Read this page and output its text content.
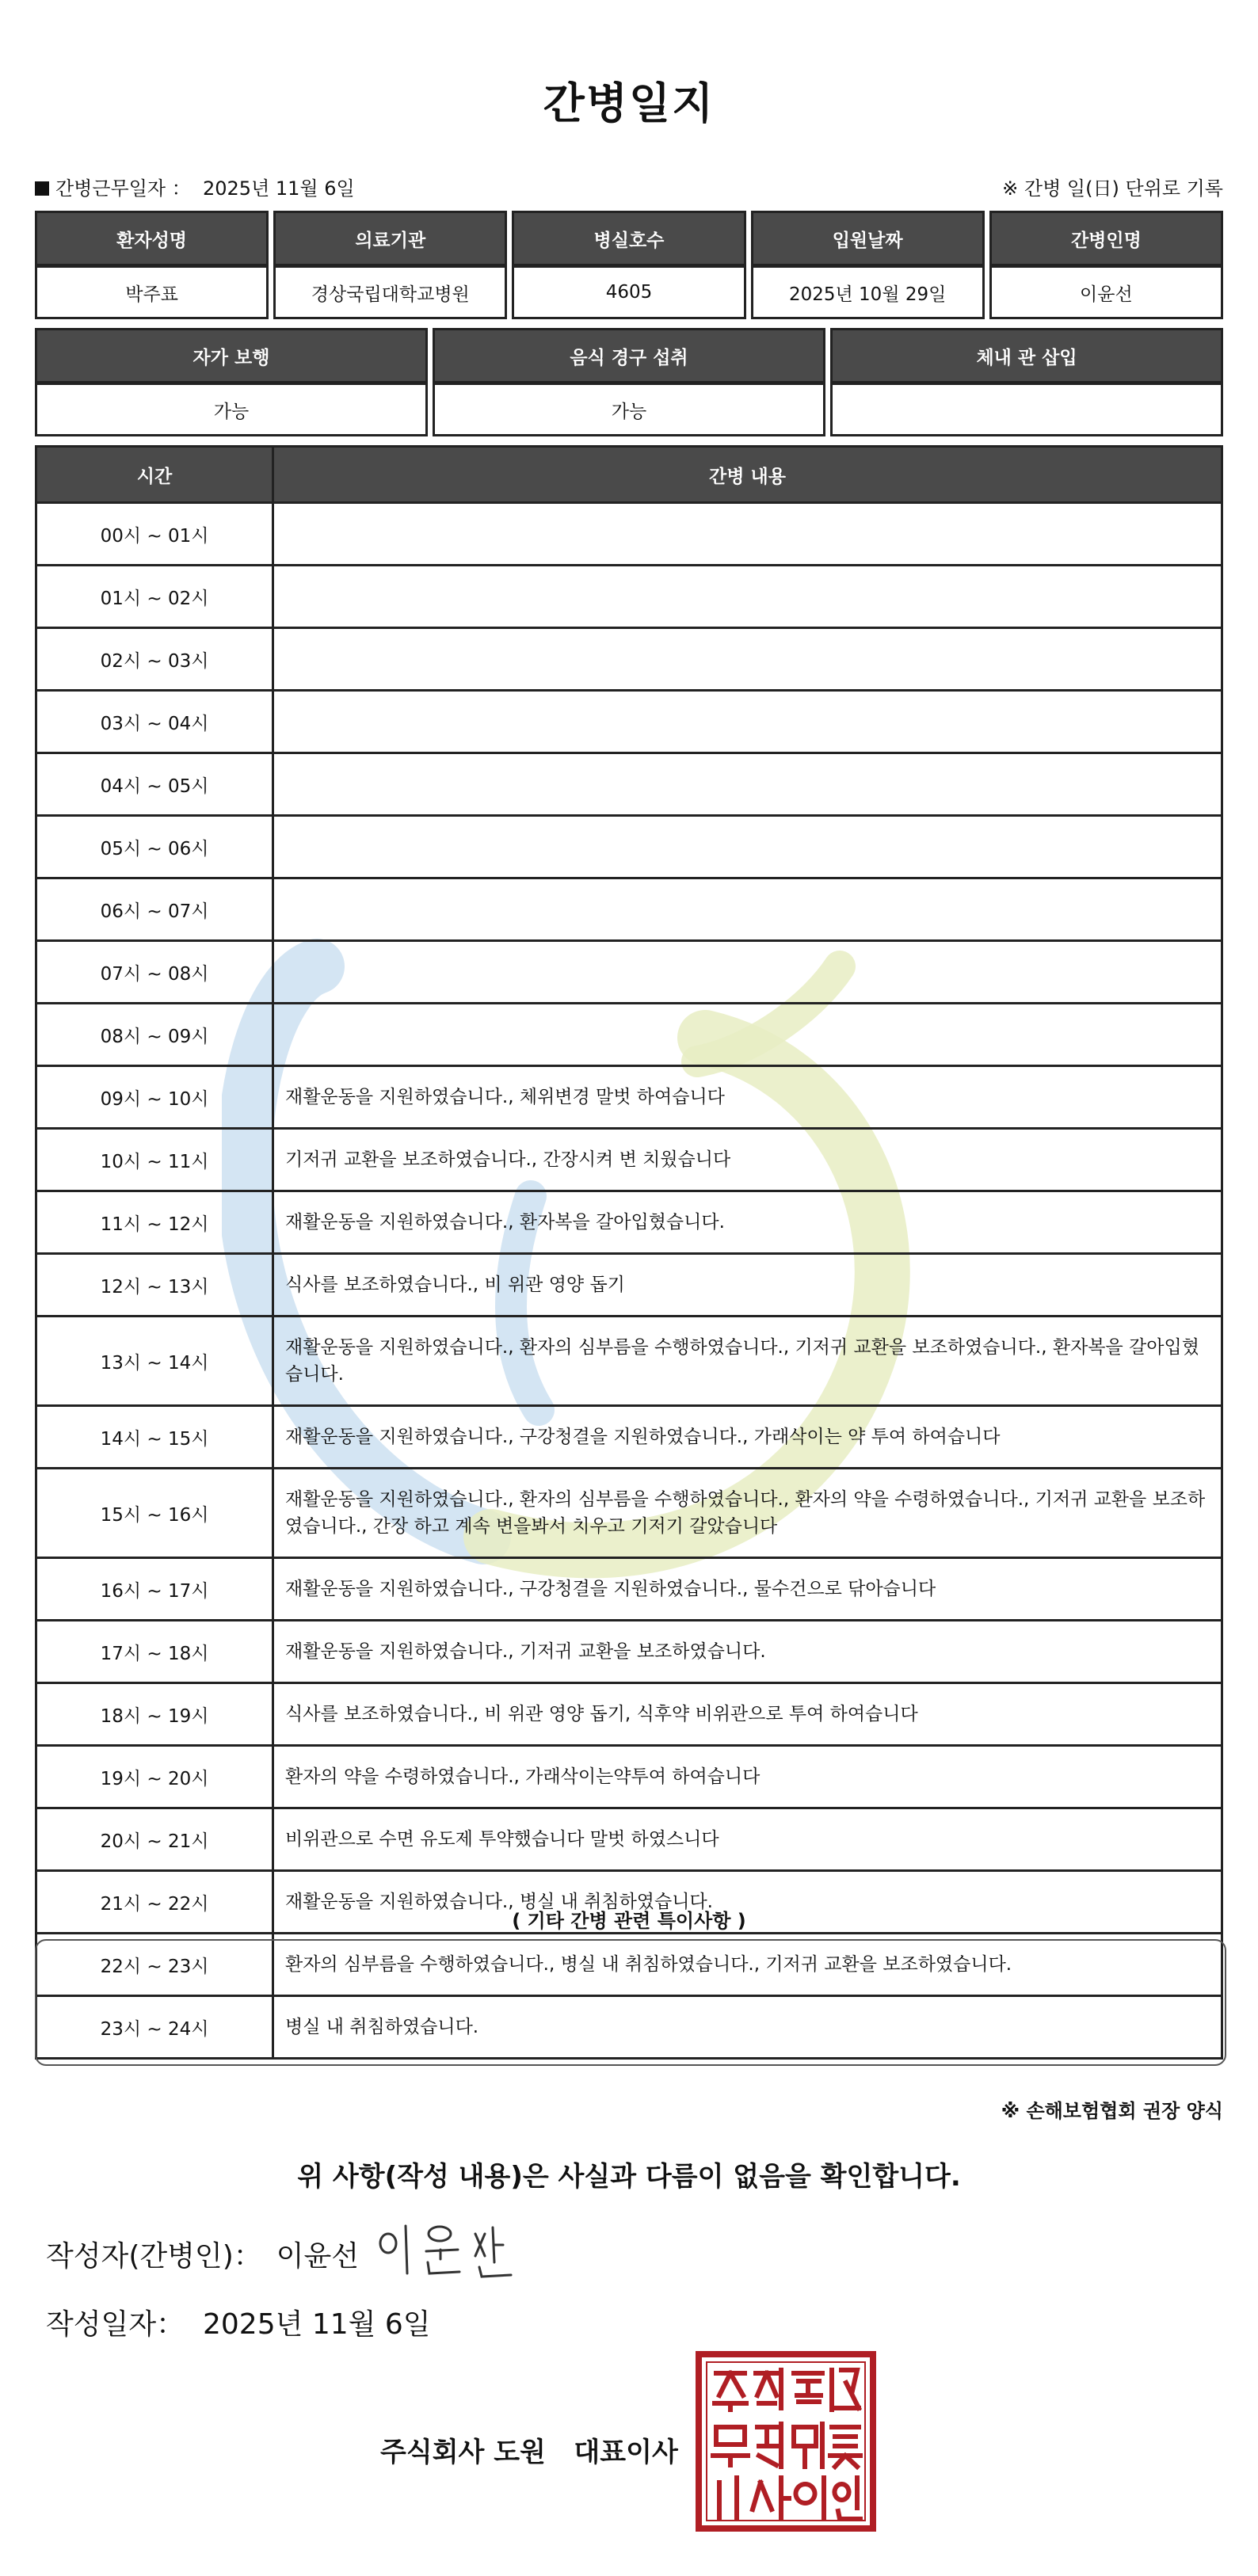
간병일지
간병근무일자 ： 2025년 11월 6일	※ 간병 일(日) 단위로 기록
환자성명	의료기관	병실호수	입원날짜	간병인명
박주표	경상국립대학교병원	4605	2025년 10월 29일	이윤선
자가 보행	음식 경구 섭취	체내 관 삽입
가능	가능	
시간	간병 내용
00시 ~ 01시	
01시 ~ 02시	
02시 ~ 03시	
03시 ~ 04시	
04시 ~ 05시	
05시 ~ 06시	
06시 ~ 07시	
07시 ~ 08시	
08시 ~ 09시	
09시 ~ 10시	재활운동을 지원하였습니다., 체위변경 말벗 하여습니다
10시 ~ 11시	기저귀 교환을 보조하였습니다., 간장시켜 변 치웠습니다
11시 ~ 12시	재활운동을 지원하였습니다., 환자복을 갈아입혔습니다.
12시 ~ 13시	식사를 보조하였습니다., 비 위관 영양 돕기
13시 ~ 14시	재활운동을 지원하였습니다., 환자의 심부름을 수행하였습니다., 기저귀 교환을 보조하였습니다., 환자복을 갈아입혔습니다.
14시 ~ 15시	재활운동을 지원하였습니다., 구강청결을 지원하였습니다., 가래삭이는 약 투여 하여습니다
15시 ~ 16시	재활운동을 지원하였습니다., 환자의 심부름을 수행하였습니다., 환자의 약을 수령하였습니다., 기저귀 교환을 보조하였습니다., 간장 하고 계속 변을봐서 치우고 기저기 갈았습니다
16시 ~ 17시	재활운동을 지원하였습니다., 구강청결을 지원하였습니다., 물수건으로 닦아습니다
17시 ~ 18시	재활운동을 지원하였습니다., 기저귀 교환을 보조하였습니다.
18시 ~ 19시	식사를 보조하였습니다., 비 위관 영양 돕기, 식후약 비위관으로 투여 하여습니다
19시 ~ 20시	환자의 약을 수령하였습니다., 가래삭이는약투여 하여습니다
20시 ~ 21시	비위관으로 수면 유도제 투약했습니다 말벗 하였스니다
21시 ~ 22시	재활운동을 지원하였습니다., 병실 내 취침하였습니다.
22시 ~ 23시	환자의 심부름을 수행하였습니다., 병실 내 취침하였습니다., 기저귀 교환을 보조하였습니다.
23시 ~ 24시	병실 내 취침하였습니다.
( 기타 간병 관련 특이사항 )
※ 손해보험협회 권장 양식
위 사항(작성 내용)은 사실과 다름이 없음을 확인합니다.
작성자(간병인)： 이윤선
작성일자： 2025년 11월 6일
주식회사 도원   대표이사
